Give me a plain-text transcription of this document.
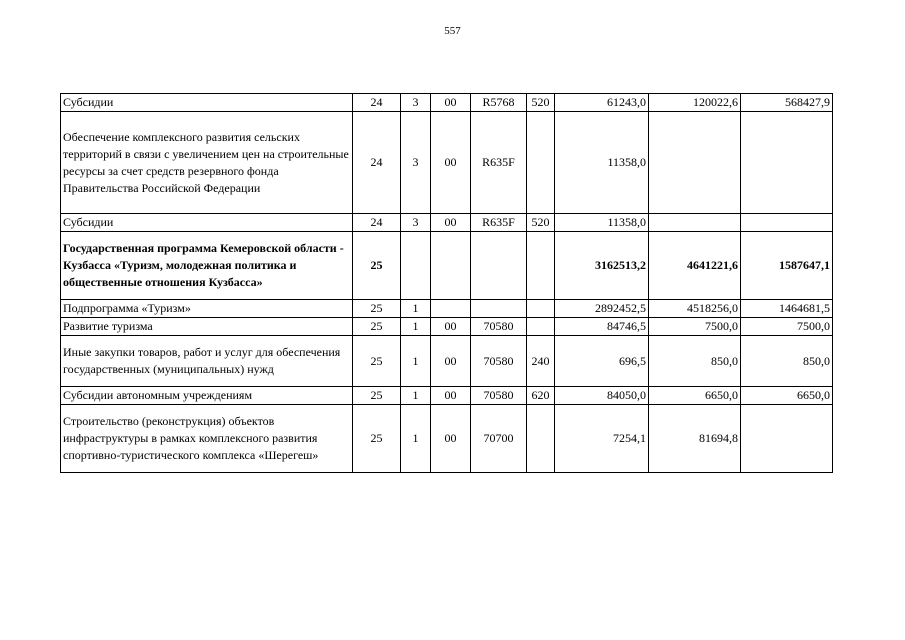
557
Субсидии	24	3	00	R5768	520	61243,0	120022,6	568427,9
Обеспечение комплексного развития сельских территорий в связи с увеличением цен на строительные ресурсы за счет средств резервного фонда Правительства Российской Федерации	24	3	00	R635F		11358,0		
Субсидии	24	3	00	R635F	520	11358,0		
Государственная программа Кемеровской области - Кузбасса «Туризм, молодежная политика и общественные отношения Кузбасса»	25					3162513,2	4641221,6	1587647,1
Подпрограмма «Туризм»	25	1				2892452,5	4518256,0	1464681,5
Развитие туризма	25	1	00	70580		84746,5	7500,0	7500,0
Иные закупки товаров, работ и услуг для обеспечения государственных (муниципальных) нужд	25	1	00	70580	240	696,5	850,0	850,0
Субсидии автономным учреждениям	25	1	00	70580	620	84050,0	6650,0	6650,0
Строительство (реконструкция) объектов инфраструктуры в рамках комплексного развития спортивно-туристического комплекса «Шерегеш»	25	1	00	70700		7254,1	81694,8	
